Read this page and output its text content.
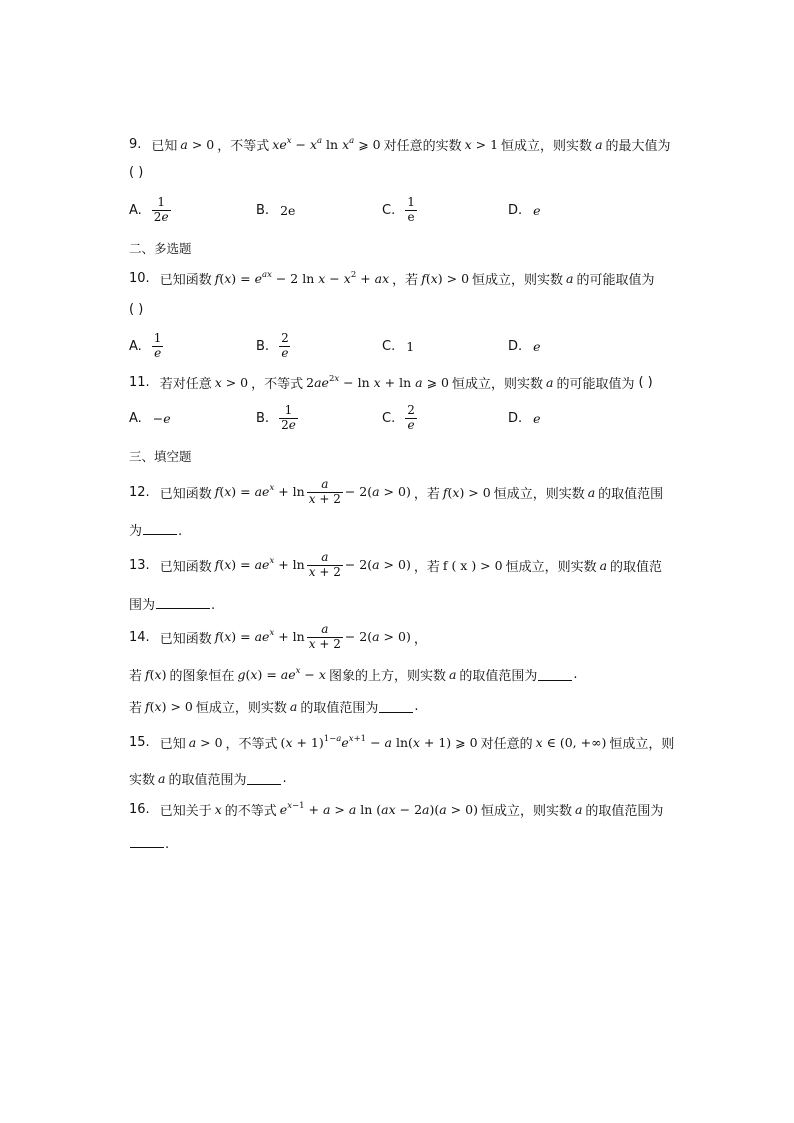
9. 已知 a > 0 ，不等式 $xe^x - x^a$ $\ln x^a$ ⩾ 0 对任意的实数 x > 1 恒成立，则实数 a 的最大值为
( )
A. $\frac{1}{2e}$	B. 2e	C. $\frac{1}{e}$	D. e
二、多选题
10. 已知函数 $f(x) = e^{ax} - 2$ $\ln x - x^2$ + ax ，若 f(x) > 0 恒成立，则实数 a 的可能取值为
( )
A. $\frac{1}{e}$	B. $\frac{2}{e}$	C. 1	D. e
11. 若对任意 x > 0 ，不等式 $2ae^{2x} - \ln x + \ln a$ ⩾ 0 恒成立，则实数 a 的可能取值为 ( )
A. −e	B. $\frac{1}{2e}$	C. $\frac{2}{e}$	D. e
三、填空题
12. 已知函数 $f(x) = ae^x + \ln \frac{a}{x + 2} - 2(a > 0)$ ，若 f(x) > 0 恒成立，则实数 a 的取值范围
为	.
13. 已知函数 $f(x) = ae^x + \ln \frac{a}{x + 2} - 2(a > 0)$ ，若 f ( x ) > 0 恒成立，则实数 a 的取值范
围为	.
14. 已知函数 $f(x) = ae^x + \ln \frac{a}{x + 2} - 2(a > 0)$ ，
若 f(x) 的图象恒在 $g(x) = ae^x - x$ 图象的上方，则实数 a 的取值范围为	.
若 f(x) > 0 恒成立，则实数 a 的取值范围为	.
15. 已知 a > 0 ，不等式 $(x + 1)^{1-a}e^{x+1} - a$ ln(x + 1) ⩾ 0 对任意的 x ∈ (0, +∞) 恒成立，则
实数 a 的取值范围为	.
16. 已知关于 x 的不等式 $e^{x-1} + a > a$ ln (ax − 2a)(a > 0) 恒成立，则实数 a 的取值范围为
.
